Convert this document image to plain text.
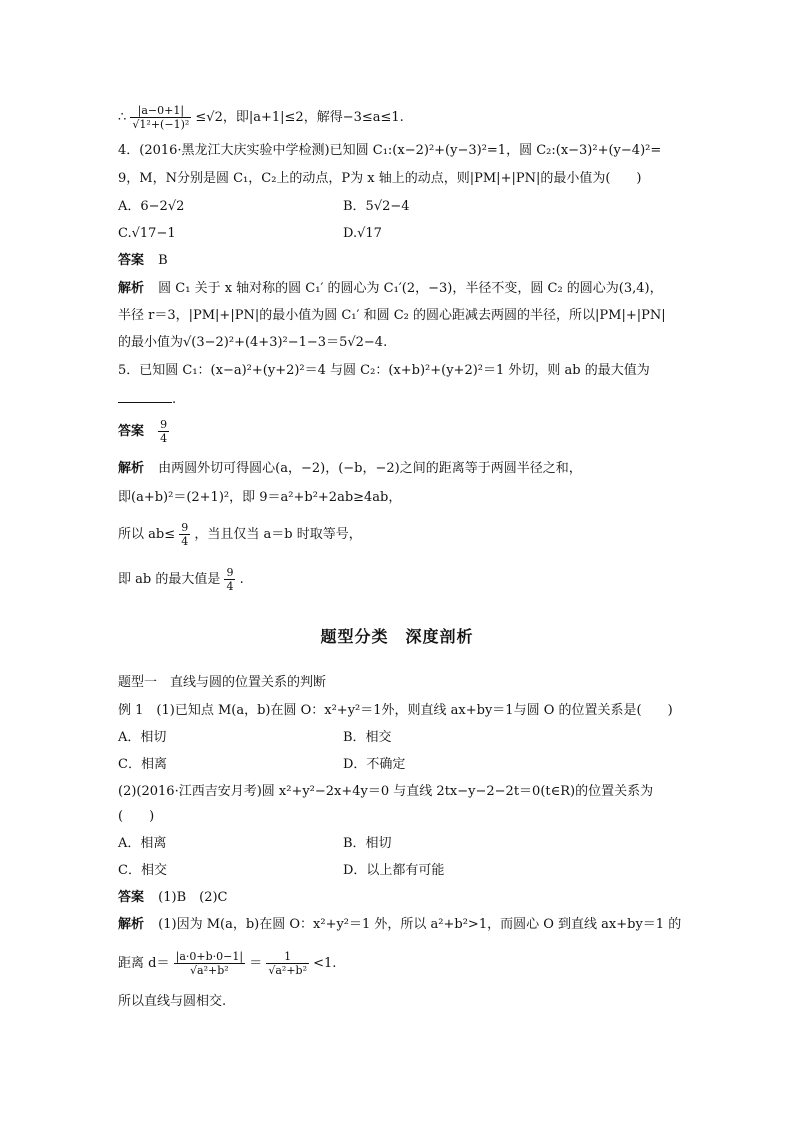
∴ $\frac{|a-0+1|}{\text{√1²+(−1)²}} \le√2$，即|a+1|≤2，解得−3≤a≤1.
4．(2016·黑龙江大庆实验中学检测)已知圆 C₁:(x−2)²+(y−3)²=1，圆 C₂:(x−3)²+(y−4)²=
9，M，N分别是圆 C₁，C₂上的动点，P为 x 轴上的动点，则|PM|+|PN|的最小值为(　　)
A．6−2√2	B．5√2−4
C.√17−1	D.√17
答案 B
解析 圆 C₁ 关于 x 轴对称的圆 C₁′ 的圆心为 C₁′(2，−3)，半径不变，圆 C₂ 的圆心为(3,4)，
半径 r＝3，|PM|+|PN|的最小值为圆 C₁′ 和圆 C₂ 的圆心距减去两圆的半径，所以|PM|+|PN|
的最小值为√(3−2)²+(4+3)²−1−3＝5√2−4.
5．已知圆 C₁：(x−a)²+(y+2)²＝4 与圆 C₂：(x+b)²+(y+2)²＝1 外切，则 ab 的最大值为
.
答案 $\frac{9}{4}$
解析 由两圆外切可得圆心(a，−2)，(−b，−2)之间的距离等于两圆半径之和，
即(a+b)²＝(2+1)²，即 9＝a²+b²+2ab≥4ab，
所以 $ab\le \frac{9}{4}$ ，当且仅当 a＝b 时取等号，
即 ab 的最大值是 $\frac{9}{4}$ .
题型分类　深度剖析
题型一　直线与圆的位置关系的判断
例 1　(1)已知点 M(a，b)在圆 O：x²+y²＝1外，则直线 ax+by＝1与圆 O 的位置关系是(　　)
A．相切	B．相交
C．相离	D．不确定
(2)(2016·江西吉安月考)圆 x²+y²−2x+4y＝0 与直线 2tx−y−2−2t＝0(t∈R)的位置关系为
(　　)
A．相离	B．相切
C．相交	D．以上都有可能
答案 (1)B　(2)C
解析 (1)因为 M(a，b)在圆 O：x²+y²＝1 外，所以 a²+b²>1，而圆心 O 到直线 ax+by＝1 的
距离 $d= \frac{|a\cdot 0+b\cdot 0-1|}{\text{√a²+b²}} = \frac{1}{\text{√a²+b²}} <1$.
所以直线与圆相交.
